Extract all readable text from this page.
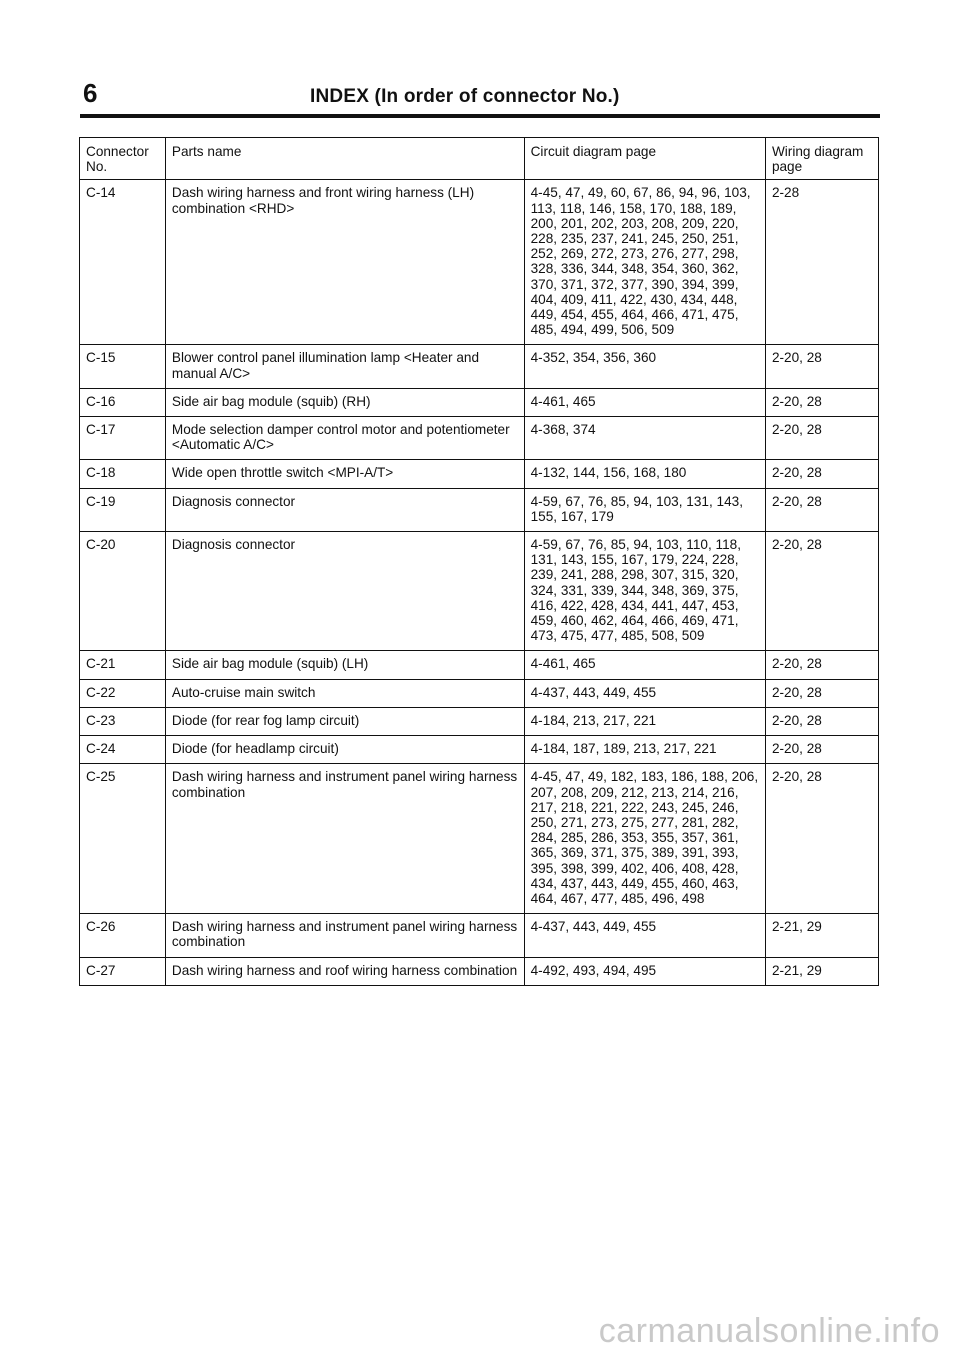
6	INDEX (In order of connector No.)
Connector No.	Parts name	Circuit diagram page	Wiring diagram page
C-14	Dash wiring harness and front wiring harness (LH) combination <RHD>	4-45, 47, 49, 60, 67, 86, 94, 96, 103, 113, 118, 146, 158, 170, 188, 189, 200, 201, 202, 203, 208, 209, 220, 228, 235, 237, 241, 245, 250, 251, 252, 269, 272, 273, 276, 277, 298, 328, 336, 344, 348, 354, 360, 362, 370, 371, 372, 377, 390, 394, 399, 404, 409, 411, 422, 430, 434, 448, 449, 454, 455, 464, 466, 471, 475, 485, 494, 499, 506, 509	2-28
C-15	Blower control panel illumination lamp <Heater and manual A/C>	4-352, 354, 356, 360	2-20, 28
C-16	Side air bag module (squib) (RH)	4-461, 465	2-20, 28
C-17	Mode selection damper control motor and potentiometer <Automatic A/C>	4-368, 374	2-20, 28
C-18	Wide open throttle switch <MPI-A/T>	4-132, 144, 156, 168, 180	2-20, 28
C-19	Diagnosis connector	4-59, 67, 76, 85, 94, 103, 131, 143, 155, 167, 179	2-20, 28
C-20	Diagnosis connector	4-59, 67, 76, 85, 94, 103, 110, 118, 131, 143, 155, 167, 179, 224, 228, 239, 241, 288, 298, 307, 315, 320, 324, 331, 339, 344, 348, 369, 375, 416, 422, 428, 434, 441, 447, 453, 459, 460, 462, 464, 466, 469, 471, 473, 475, 477, 485, 508, 509	2-20, 28
C-21	Side air bag module (squib) (LH)	4-461, 465	2-20, 28
C-22	Auto-cruise main switch	4-437, 443, 449, 455	2-20, 28
C-23	Diode (for rear fog lamp circuit)	4-184, 213, 217, 221	2-20, 28
C-24	Diode (for headlamp circuit)	4-184, 187, 189, 213, 217, 221	2-20, 28
C-25	Dash wiring harness and instrument panel wiring harness combination	4-45, 47, 49, 182, 183, 186, 188, 206, 207, 208, 209, 212, 213, 214, 216, 217, 218, 221, 222, 243, 245, 246, 250, 271, 273, 275, 277, 281, 282, 284, 285, 286, 353, 355, 357, 361, 365, 369, 371, 375, 389, 391, 393, 395, 398, 399, 402, 406, 408, 428, 434, 437, 443, 449, 455, 460, 463, 464, 467, 477, 485, 496, 498	2-20, 28
C-26	Dash wiring harness and instrument panel wiring harness combination	4-437, 443, 449, 455	2-21, 29
C-27	Dash wiring harness and roof wiring harness combination	4-492, 493, 494, 495	2-21, 29
carmanualsonline.info
